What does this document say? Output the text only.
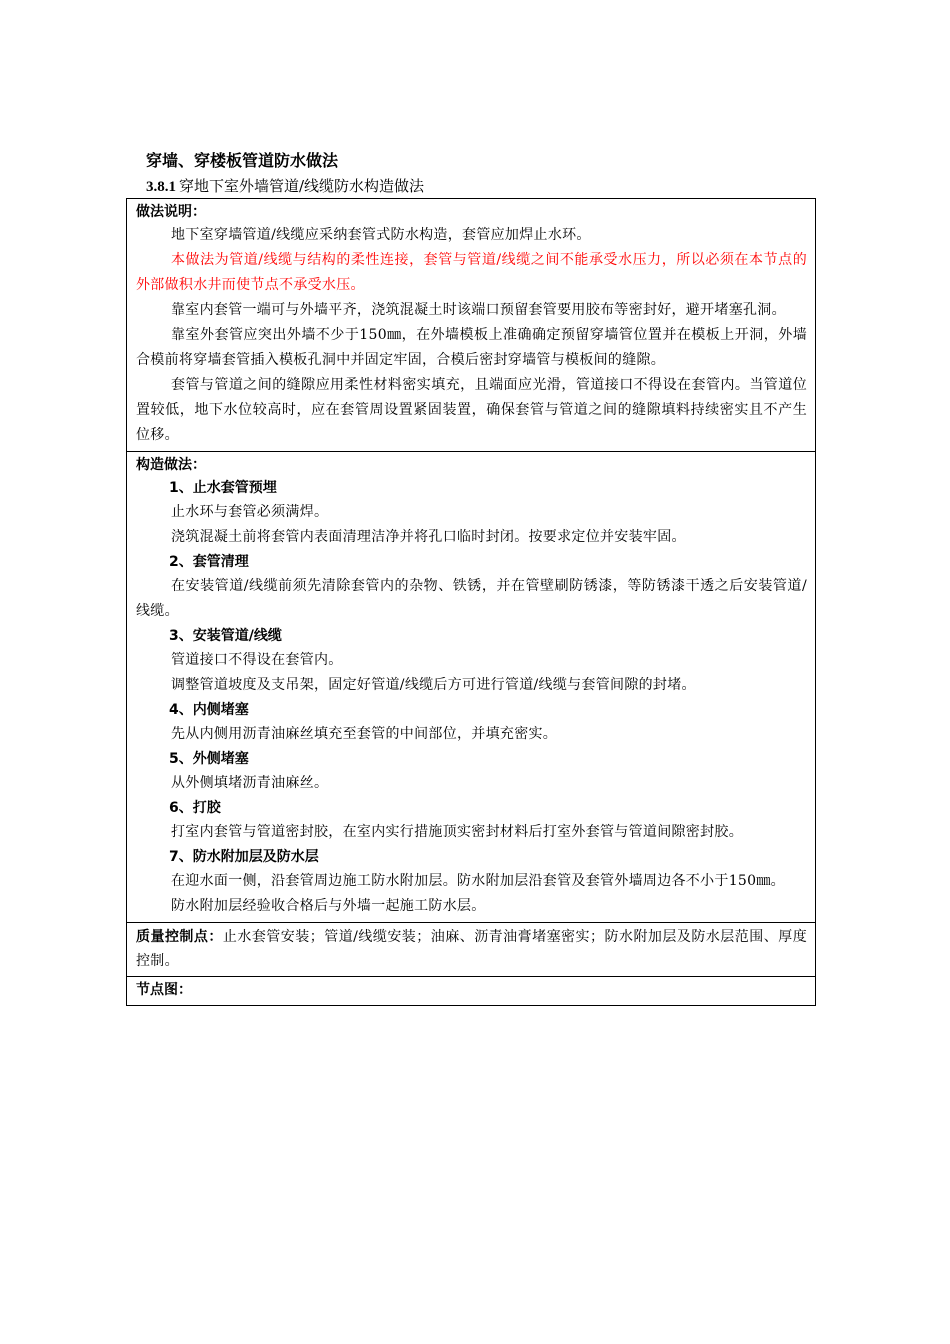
穿墙、穿楼板管道防水做法
3.8.1 穿地下室外墙管道/线缆防水构造做法
做法说明：
地下室穿墙管道/线缆应采纳套管式防水构造，套管应加焊止水环。
本做法为管道/线缆与结构的柔性连接，套管与管道/线缆之间不能承受水压力，所以必须在本节点的外部做积水井而使节点不承受水压。
靠室内套管一端可与外墙平齐，浇筑混凝土时该端口预留套管要用胶布等密封好，避开堵塞孔洞。
靠室外套管应突出外墙不少于150㎜，在外墙模板上准确确定预留穿墙管位置并在模板上开洞，外墙合模前将穿墙套管插入模板孔洞中并固定牢固，合模后密封穿墙管与模板间的缝隙。
套管与管道之间的缝隙应用柔性材料密实填充，且端面应光滑，管道接口不得设在套管内。当管道位置较低，地下水位较高时，应在套管周设置紧固装置，确保套管与管道之间的缝隙填料持续密实且不产生位移。
构造做法：
1、止水套管预埋
止水环与套管必须满焊。
浇筑混凝土前将套管内表面清理洁净并将孔口临时封闭。按要求定位并安装牢固。
2、套管清理
在安装管道/线缆前须先清除套管内的杂物、铁锈，并在管壁刷防锈漆，等防锈漆干透之后安装管道/线缆。
3、安装管道/线缆
管道接口不得设在套管内。
调整管道坡度及支吊架，固定好管道/线缆后方可进行管道/线缆与套管间隙的封堵。
4、内侧堵塞
先从内侧用沥青油麻丝填充至套管的中间部位，并填充密实。
5、外侧堵塞
从外侧填堵沥青油麻丝。
6、打胶
打室内套管与管道密封胶，在室内实行措施顶实密封材料后打室外套管与管道间隙密封胶。
7、防水附加层及防水层
在迎水面一侧，沿套管周边施工防水附加层。防水附加层沿套管及套管外墙周边各不小于150㎜。
防水附加层经验收合格后与外墙一起施工防水层。
质量控制点：止水套管安装；管道/线缆安装；油麻、沥青油膏堵塞密实；防水附加层及防水层范围、厚度控制。
节点图：
